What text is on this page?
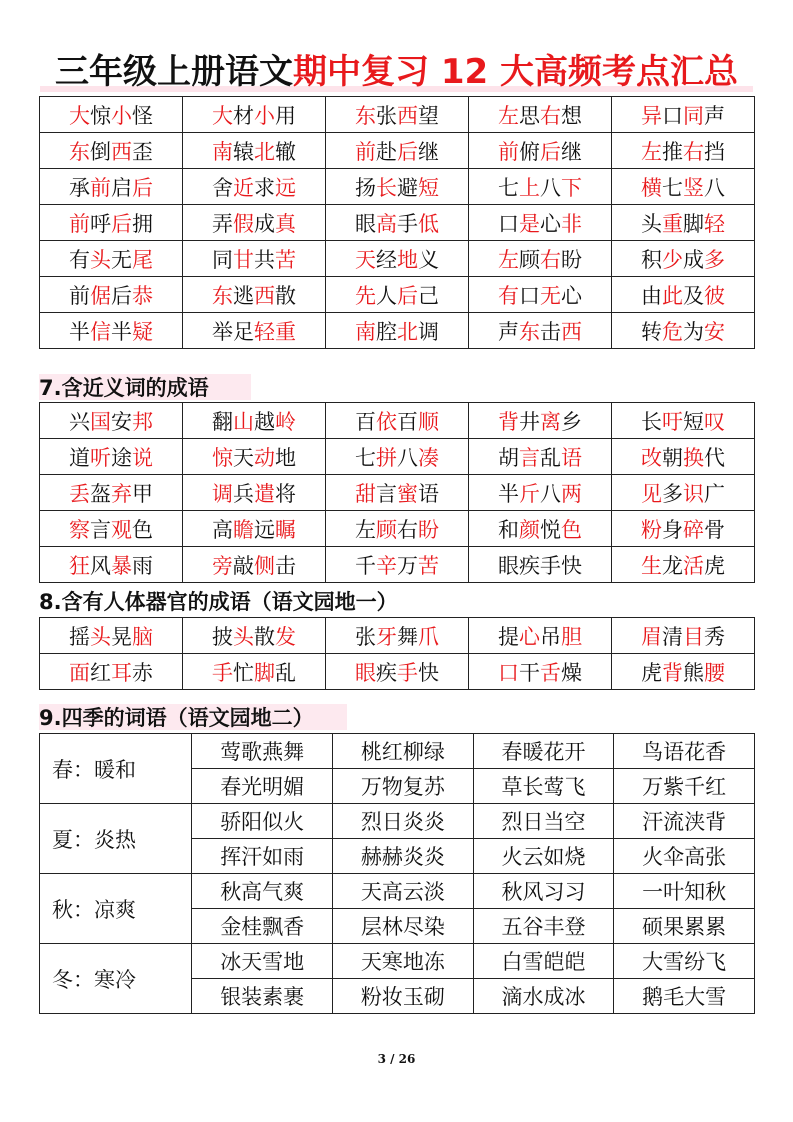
三年级上册语文期中复习 12 大高频考点汇总
大惊小怪	大材小用	东张西望	左思右想	异口同声
东倒西歪	南辕北辙	前赴后继	前俯后继	左推右挡
承前启后	舍近求远	扬长避短	七上八下	横七竖八
前呼后拥	弄假成真	眼高手低	口是心非	头重脚轻
有头无尾	同甘共苦	天经地义	左顾右盼	积少成多
前倨后恭	东逃西散	先人后己	有口无心	由此及彼
半信半疑	举足轻重	南腔北调	声东击西	转危为安
7.含近义词的成语
兴国安邦	翻山越岭	百依百顺	背井离乡	长吁短叹
道听途说	惊天动地	七拼八凑	胡言乱语	改朝换代
丢盔弃甲	调兵遣将	甜言蜜语	半斤八两	见多识广
察言观色	高瞻远瞩	左顾右盼	和颜悦色	粉身碎骨
狂风暴雨	旁敲侧击	千辛万苦	眼疾手快	生龙活虎
8.含有人体器官的成语（语文园地一）
摇头晃脑	披头散发	张牙舞爪	提心吊胆	眉清目秀
面红耳赤	手忙脚乱	眼疾手快	口干舌燥	虎背熊腰
9.四季的词语（语文园地二）
春：暖和	莺歌燕舞	桃红柳绿	春暖花开	鸟语花香
	春光明媚	万物复苏	草长莺飞	万紫千红
夏：炎热	骄阳似火	烈日炎炎	烈日当空	汗流浃背
	挥汗如雨	赫赫炎炎	火云如烧	火伞高张
秋：凉爽	秋高气爽	天高云淡	秋风习习	一叶知秋
	金桂飘香	层林尽染	五谷丰登	硕果累累
冬：寒冷	冰天雪地	天寒地冻	白雪皑皑	大雪纷飞
	银装素裹	粉妆玉砌	滴水成冰	鹅毛大雪
3 / 26
